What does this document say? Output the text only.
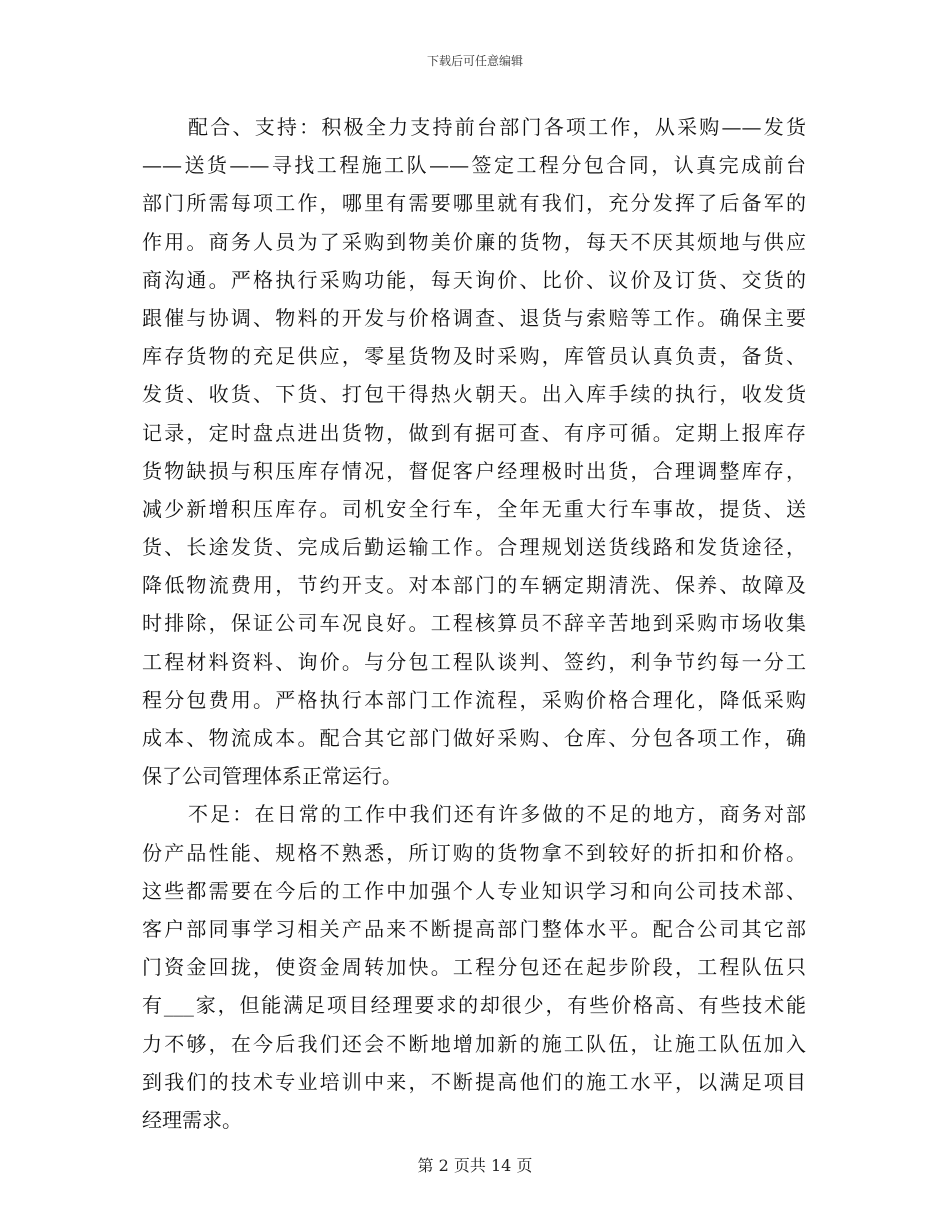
下载后可任意编辑
配合、支持：积极全力支持前台部门各项工作，从采购——发货
——送货——寻找工程施工队——签定工程分包合同，认真完成前台
部门所需每项工作，哪里有需要哪里就有我们，充分发挥了后备军的
作用。商务人员为了采购到物美价廉的货物，每天不厌其烦地与供应
商沟通。严格执行采购功能，每天询价、比价、议价及订货、交货的
跟催与协调、物料的开发与价格调查、退货与索赔等工作。确保主要
库存货物的充足供应，零星货物及时采购，库管员认真负责，备货、
发货、收货、下货、打包干得热火朝天。出入库手续的执行，收发货
记录，定时盘点进出货物，做到有据可查、有序可循。定期上报库存
货物缺损与积压库存情况，督促客户经理极时出货，合理调整库存，
减少新增积压库存。司机安全行车，全年无重大行车事故，提货、送
货、长途发货、完成后勤运输工作。合理规划送货线路和发货途径，
降低物流费用，节约开支。对本部门的车辆定期清洗、保养、故障及
时排除，保证公司车况良好。工程核算员不辞辛苦地到采购市场收集
工程材料资料、询价。与分包工程队谈判、签约，利争节约每一分工
程分包费用。严格执行本部门工作流程，采购价格合理化，降低采购
成本、物流成本。配合其它部门做好采购、仓库、分包各项工作，确
保了公司管理体系正常运行。
不足：在日常的工作中我们还有许多做的不足的地方，商务对部
份产品性能、规格不熟悉，所订购的货物拿不到较好的折扣和价格。
这些都需要在今后的工作中加强个人专业知识学习和向公司技术部、
客户部同事学习相关产品来不断提高部门整体水平。配合公司其它部
门资金回拢，使资金周转加快。工程分包还在起步阶段，工程队伍只
有___家，但能满足项目经理要求的却很少，有些价格高、有些技术能
力不够，在今后我们还会不断地增加新的施工队伍，让施工队伍加入
到我们的技术专业培训中来，不断提高他们的施工水平，以满足项目
经理需求。
第 2 页共 14 页
